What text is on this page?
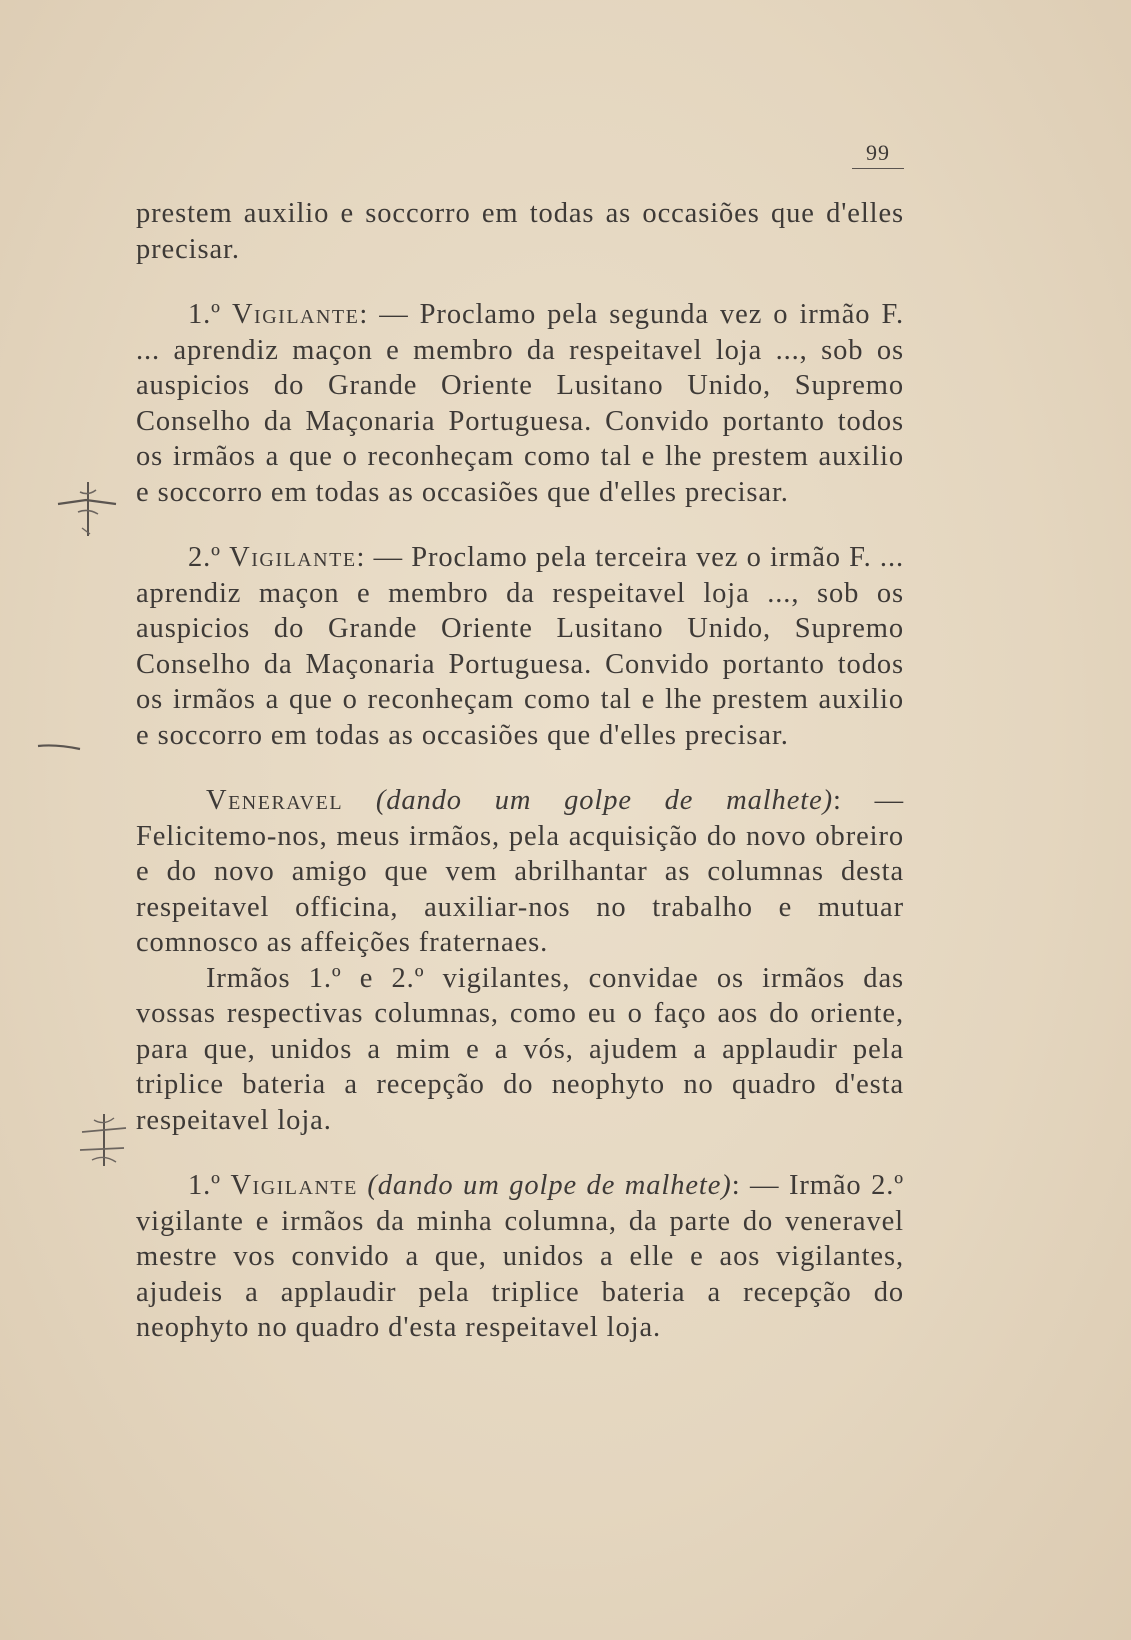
99

prestem auxilio e soccorro em todas as occasiões que d'elles precisar.

1.º Vigilante: — Proclamo pela segunda vez o irmão F. ... aprendiz maçon e membro da respeitavel loja ..., sob os auspicios do Grande Oriente Lusitano Unido, Supremo Conselho da Maçonaria Portuguesa. Convido portanto todos os irmãos a que o reconheçam como tal e lhe prestem auxilio e soccorro em todas as occasiões que d'elles precisar.

2.º Vigilante: — Proclamo pela terceira vez o irmão F. ... aprendiz maçon e membro da respeitavel loja ..., sob os auspicios do Grande Oriente Lusitano Unido, Supremo Conselho da Maçonaria Portuguesa. Convido portanto todos os irmãos a que o reconheçam como tal e lhe prestem auxilio e soccorro em todas as occasiões que d'elles precisar.

Veneravel (dando um golpe de malhete): — Felicitemo-nos, meus irmãos, pela acquisição do novo obreiro e do novo amigo que vem abrilhantar as columnas desta respeitavel officina, auxiliar-nos no trabalho e mutuar comnosco as affeições fraternaes.

Irmãos 1.º e 2.º vigilantes, convidae os irmãos das vossas respectivas columnas, como eu o faço aos do oriente, para que, unidos a mim e a vós, ajudem a applaudir pela triplice bateria a recepção do neophyto no quadro d'esta respeitavel loja.

1.º Vigilante (dando um golpe de malhete): — Irmão 2.º vigilante e irmãos da minha columna, da parte do veneravel mestre vos convido a que, unidos a elle e aos vigilantes, ajudeis a applaudir pela triplice bateria a recepção do neophyto no quadro d'esta respeitavel loja.
